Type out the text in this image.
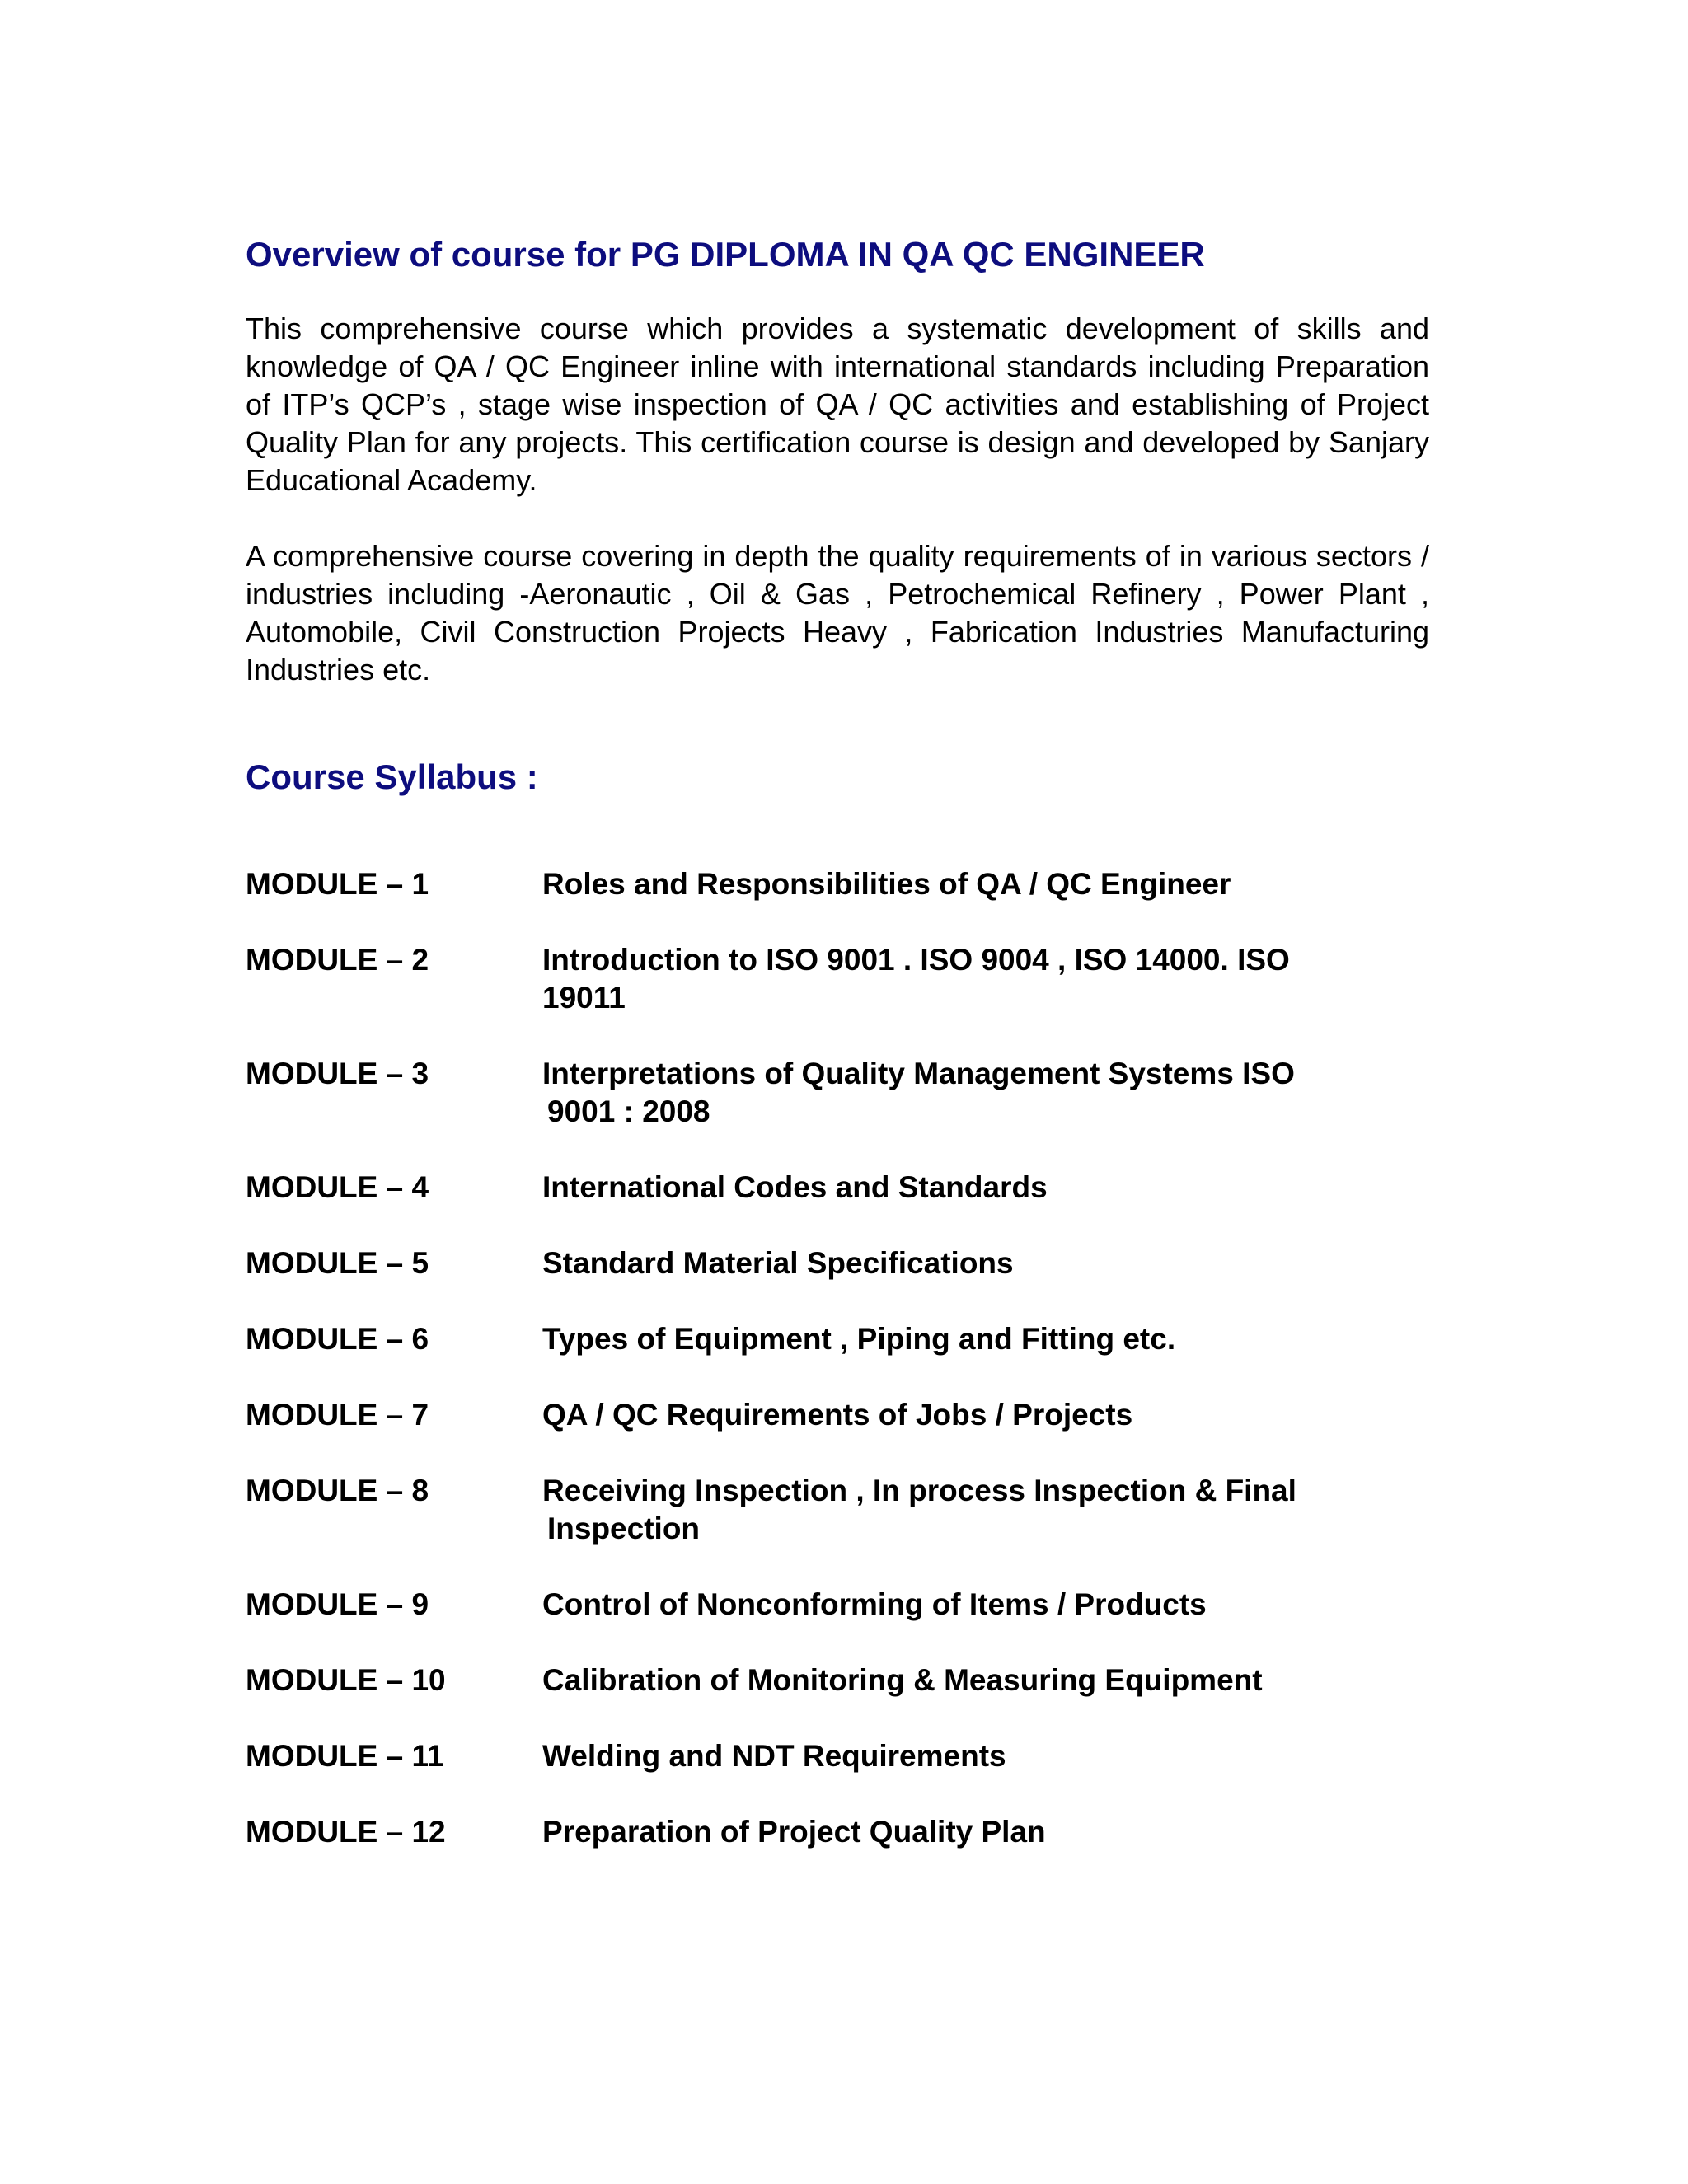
Overview of course for PG DIPLOMA IN QA QC ENGINEER

This comprehensive course which provides a systematic development of skills and knowledge of QA / QC Engineer inline with international standards including Preparation of ITP’s QCP’s , stage wise inspection of QA / QC activities and establishing of Project Quality Plan for any projects. This certification course is design and developed by Sanjary Educational Academy.

A comprehensive course covering in depth the quality requirements of in various sectors / industries including -Aeronautic , Oil & Gas , Petrochemical Refinery , Power Plant , Automobile, Civil Construction Projects Heavy , Fabrication Industries Manufacturing Industries etc.

Course Syllabus :
MODULE – 1	Roles and Responsibilities of QA / QC Engineer
MODULE – 2	Introduction to ISO 9001 . ISO 9004 , ISO 14000. ISO
19011
MODULE – 3	Interpretations of Quality Management Systems ISO
9001 : 2008
MODULE – 4	International Codes and Standards
MODULE – 5	Standard Material Specifications
MODULE – 6	Types of Equipment , Piping and Fitting etc.
MODULE – 7	QA / QC Requirements of Jobs / Projects
MODULE – 8	Receiving Inspection , In process Inspection & Final
Inspection
MODULE – 9	Control of Nonconforming of Items / Products
MODULE – 10	Calibration of Monitoring & Measuring Equipment
MODULE – 11	Welding and NDT Requirements
MODULE – 12	Preparation of Project Quality Plan
